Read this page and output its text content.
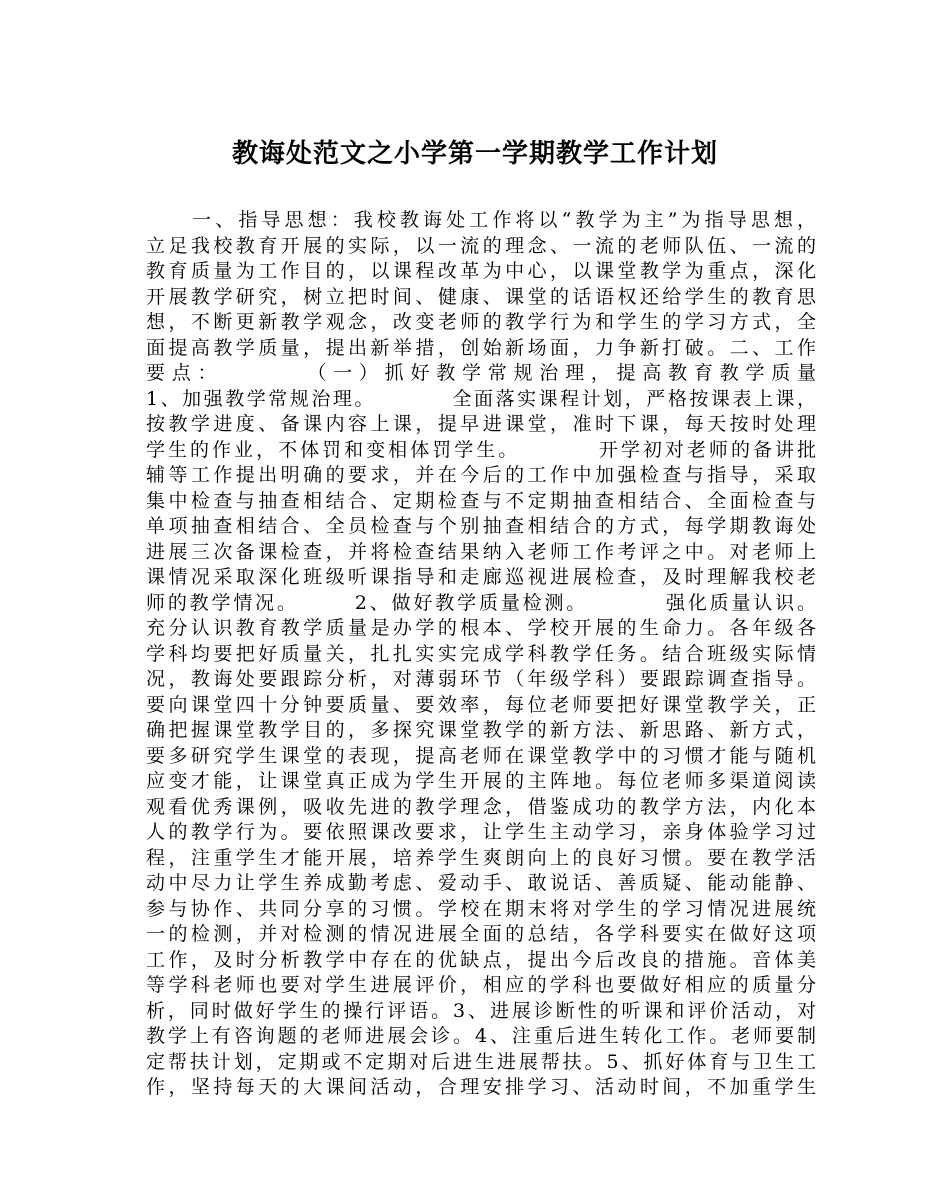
教诲处范文之小学第一学期教学工作计划
　　一、指导思想：我校教诲处工作将以“教学为主”为指导思想，
立足我校教育开展的实际，以一流的理念、一流的老师队伍、一流的
教育质量为工作目的，以课程改革为中心，以课堂教学为重点，深化
开展教学研究，树立把时间、健康、课堂的话语权还给学生的教育思
想，不断更新教学观念，改变老师的教学行为和学生的学习方式，全
面提高教学质量，提出新举措，创始新场面，力争新打破。二、工作
要点：　　　　（一）抓好教学常规治理，提高教育教学质量
1、加强教学常规治理。　　　　全面落实课程计划，严格按课表上课，
按教学进度、备课内容上课，提早进课堂，准时下课，每天按时处理
学生的作业，不体罚和变相体罚学生。　　　　开学初对老师的备讲批
辅等工作提出明确的要求，并在今后的工作中加强检查与指导，采取
集中检查与抽查相结合、定期检查与不定期抽查相结合、全面检查与
单项抽查相结合、全员检查与个别抽查相结合的方式，每学期教诲处
进展三次备课检查，并将检查结果纳入老师工作考评之中。对老师上
课情况采取深化班级听课指导和走廊巡视进展检查，及时理解我校老
师的教学情况。　　　2、做好教学质量检测。　　　　强化质量认识。
充分认识教育教学质量是办学的根本、学校开展的生命力。各年级各
学科均要把好质量关，扎扎实实完成学科教学任务。结合班级实际情
况，教诲处要跟踪分析，对薄弱环节（年级学科）要跟踪调查指导。
要向课堂四十分钟要质量、要效率，每位老师要把好课堂教学关，正
确把握课堂教学目的，多探究课堂教学的新方法、新思路、新方式，
要多研究学生课堂的表现，提高老师在课堂教学中的习惯才能与随机
应变才能，让课堂真正成为学生开展的主阵地。每位老师多渠道阅读
观看优秀课例，吸收先进的教学理念，借鉴成功的教学方法，内化本
人的教学行为。要依照课改要求，让学生主动学习，亲身体验学习过
程，注重学生才能开展，培养学生爽朗向上的良好习惯。要在教学活
动中尽力让学生养成勤考虑、爱动手、敢说话、善质疑、能动能静、
参与协作、共同分享的习惯。学校在期末将对学生的学习情况进展统
一的检测，并对检测的情况进展全面的总结，各学科要实在做好这项
工作，及时分析教学中存在的优缺点，提出今后改良的措施。音体美
等学科老师也要对学生进展评价，相应的学科也要做好相应的质量分
析，同时做好学生的操行评语。3、进展诊断性的听课和评价活动，对
教学上有咨询题的老师进展会诊。4、注重后进生转化工作。老师要制
定帮扶计划，定期或不定期对后进生进展帮扶。5、抓好体育与卫生工
作，坚持每天的大课间活动，合理安排学习、活动时间，不加重学生
